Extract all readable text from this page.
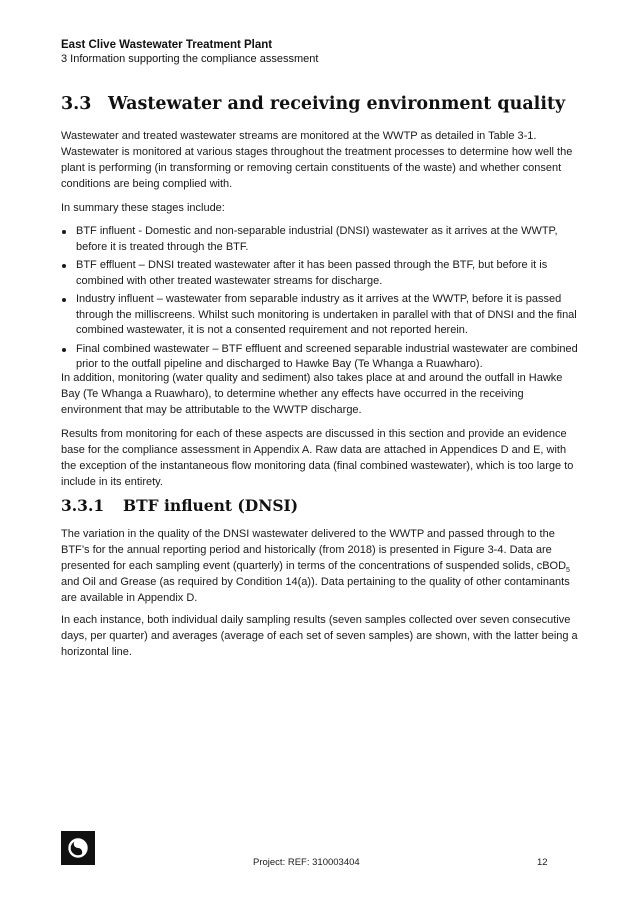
East Clive Wastewater Treatment Plant
3 Information supporting the compliance assessment
3.3 Wastewater and receiving environment quality

Wastewater and treated wastewater streams are monitored at the WWTP as detailed in Table 3-1. Wastewater is monitored at various stages throughout the treatment processes to determine how well the plant is performing (in transforming or removing certain constituents of the waste) and whether consent conditions are being complied with.

In summary these stages include:

BTF influent - Domestic and non-separable industrial (DNSI) wastewater as it arrives at the WWTP, before it is treated through the BTF.
BTF effluent – DNSI treated wastewater after it has been passed through the BTF, but before it is combined with other treated wastewater streams for discharge.
Industry influent – wastewater from separable industry as it arrives at the WWTP, before it is passed through the milliscreens. Whilst such monitoring is undertaken in parallel with that of DNSI and the final combined wastewater, it is not a consented requirement and not reported herein.
Final combined wastewater – BTF effluent and screened separable industrial wastewater are combined prior to the outfall pipeline and discharged to Hawke Bay (Te Whanga a Ruawharo).

In addition, monitoring (water quality and sediment) also takes place at and around the outfall in Hawke Bay (Te Whanga a Ruawharo), to determine whether any effects have occurred in the receiving environment that may be attributable to the WWTP discharge.

Results from monitoring for each of these aspects are discussed in this section and provide an evidence base for the compliance assessment in Appendix A. Raw data are attached in Appendices D and E, with the exception of the instantaneous flow monitoring data (final combined wastewater), which is too large to include in its entirety.

3.3.1 BTF influent (DNSI)

The variation in the quality of the DNSI wastewater delivered to the WWTP and passed through to the BTF’s for the annual reporting period and historically (from 2018) is presented in Figure 3-4. Data are presented for each sampling event (quarterly) in terms of the concentrations of suspended solids, cBOD$_5$ and Oil and Grease (as required by Condition 14(a)). Data pertaining to the quality of other contaminants are available in Appendix D.

In each instance, both individual daily sampling results (seven samples collected over seven consecutive days, per quarter) and averages (average of each set of seven samples) are shown, with the latter being a horizontal line.

Project: REF: 310003404	12
